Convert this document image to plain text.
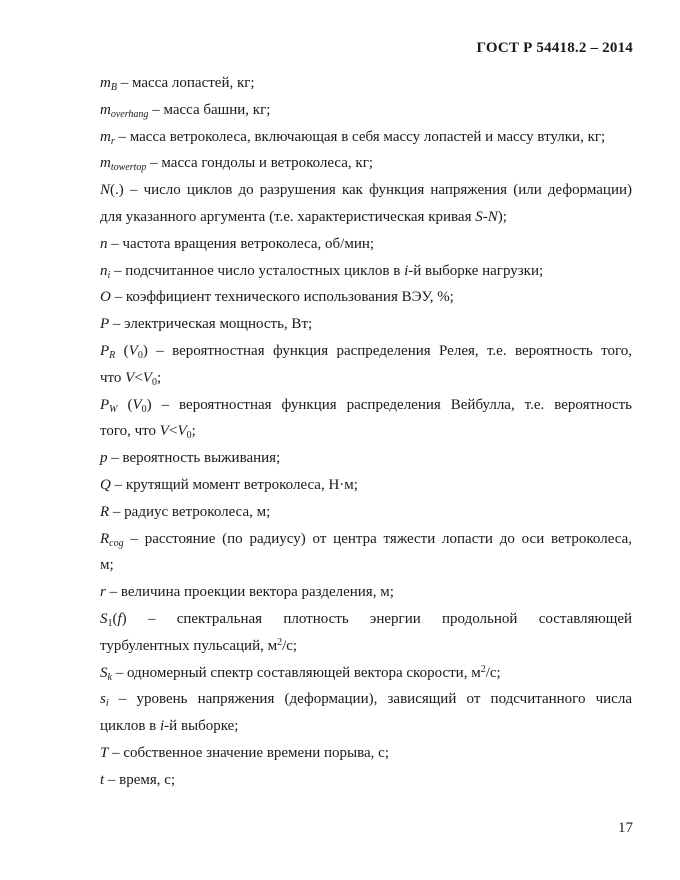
ГОСТ Р 54418.2 – 2014
$m_B$ – масса лопастей, кг;
$m_{overhang}$ – масса башни, кг;
$m_r$ – масса ветроколеса, включающая в себя массу лопастей и массу втулки, кг;
$m_{towertop}$ – масса гондолы и ветроколеса, кг;
N(.) – число циклов до разрушения как функция напряжения (или деформации)
для указанного аргумента (т.е. характеристическая кривая S-N);
n – частота вращения ветроколеса, об/мин;
$n_i$ – подсчитанное число усталостных циклов в i-й выборке нагрузки;
O – коэффициент технического использования ВЭУ, %;
P – электрическая мощность, Вт;
$P_R$ $(V_0)$ – вероятностная функция распределения Релея, т.е. вероятность того,
что $V<V_0$;
$P_W$ $(V_0)$ – вероятностная функция распределения Вейбулла, т.е. вероятность
того, что $V<V_0$;
p – вероятность выживания;
Q – крутящий момент ветроколеса, Н·м;
R – радиус ветроколеса, м;
$R_{cog}$ – расстояние (по радиусу) от центра тяжести лопасти до оси ветроколеса,
м;
r – величина проекции вектора разделения, м;
$S_1(f)$ – спектральная плотность энергии продольной составляющей
турбулентных пульсаций, $м^2/с$;
$S_k$ – одномерный спектр составляющей вектора скорости, $м^2/с$;
$s_i$ – уровень напряжения (деформации), зависящий от подсчитанного числа
циклов в i-й выборке;
T – собственное значение времени порыва, с;
t – время, с;
17
